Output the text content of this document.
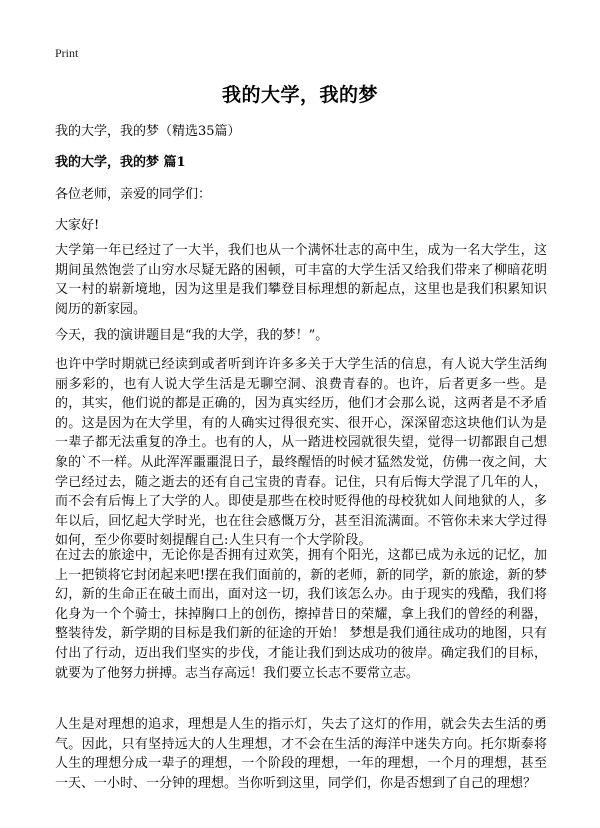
Print
我的大学，我的梦
我的大学，我的梦（精选35篇）
我的大学，我的梦 篇1
各位老师，亲爱的同学们：
大家好!

大学第一年已经过了一大半，我们也从一个满怀壮志的高中生，成为一名大学生，这期间虽然饱尝了山穷水尽疑无路的困顿，可丰富的大学生活又给我们带来了柳暗花明又一村的崭新境地，因为这里是我们攀登目标理想的新起点，这里也是我们积累知识阅历的新家园。

今天，我的演讲题目是“我的大学，我的梦！”。

也许中学时期就已经读到或者听到许许多多关于大学生活的信息，有人说大学生活绚丽多彩的，也有人说大学生活是无聊空洞、浪费青春的。也许，后者更多一些。是的，其实，他们说的都是正确的，因为真实经历，他们才会那么说，这两者是不矛盾的。这是因为在大学里，有的人确实过得很充实、很开心，深深留恋这块他们认为是一辈子都无法重复的净土。也有的人，从一踏进校园就很失望，觉得一切都跟自己想象的`不一样。从此浑浑噩噩混日子，最终醒悟的时候才猛然发觉，仿佛一夜之间，大学已经过去，随之逝去的还有自己宝贵的青春。记住，只有后悔大学混了几年的人，而不会有后悔上了大学的人。即使是那些在校时贬得他的母校犹如人间地狱的人，多年以后，回忆起大学时光，也在往会感慨万分，甚至泪流满面。不管你未来大学过得如何，至少你要时刻提醒自己:人生只有一个大学阶段。

在过去的旅途中，无论你是否拥有过欢笑，拥有个阳光，这都已成为永远的记忆，加上一把锁将它封闭起来吧!摆在我们面前的，新的老师，新的同学，新的旅途，新的梦幻，新的生命正在破土而出，面对这一切，我们该怎么办。由于现实的残酷，我们将化身为一个个骑士，抹掉胸口上的创伤，擦掉昔日的荣耀，拿上我们的曾经的利器，整装待发，新学期的目标是我们新的征途的开始！ 梦想是我们通往成功的地图，只有付出了行动，迈出我们坚实的步伐，才能让我们到达成功的彼岸。确定我们的目标，就要为了他努力拼搏。志当存高远！我们要立长志不要常立志。

人生是对理想的追求，理想是人生的指示灯，失去了这灯的作用，就会失去生活的勇气。因此，只有坚持远大的人生理想，才不会在生活的海洋中迷失方向。托尔斯泰将人生的理想分成一辈子的理想，一个阶段的理想，一年的理想，一个月的理想，甚至一天、一小时、一分钟的理想。当你听到这里，同学们，你是否想到了自己的理想？
